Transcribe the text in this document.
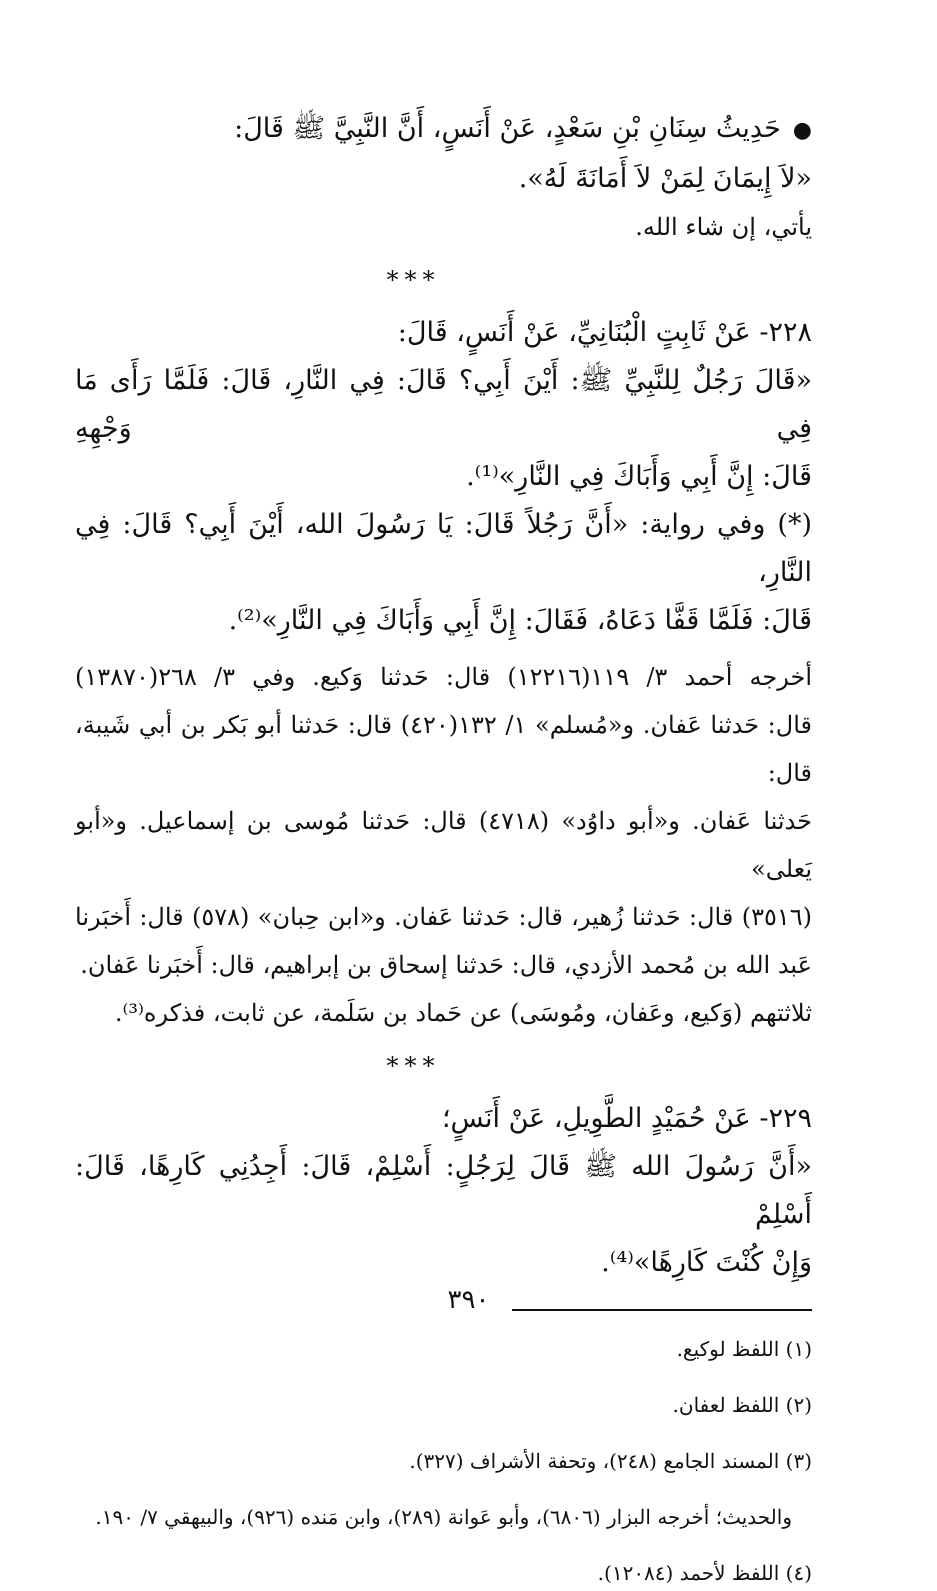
●
حَدِيثُ سِنَانِ بْنِ سَعْدٍ، عَنْ أَنَسٍ، أَنَّ النَّبِيَّ ﷺ قَالَ:

«لاَ إِيمَانَ لِمَنْ لاَ أَمَانَةَ لَهُ».

يأتي، إن شاء الله.

***

٢٢٨- عَنْ ثَابِتٍ الْبُنَانِيِّ، عَنْ أَنَسٍ، قَالَ:

«قَالَ رَجُلٌ لِلنَّبِيِّ ﷺ: أَيْنَ أَبِي؟ قَالَ: فِي النَّارِ، قَالَ: فَلَمَّا رَأَى مَا فِي وَجْهِهِ

قَالَ: إِنَّ أَبِي وَأَبَاكَ فِي النَّارِ»⁽¹⁾.

(*) وفي رواية: «أَنَّ رَجُلاً قَالَ: يَا رَسُولَ الله، أَيْنَ أَبِي؟ قَالَ: فِي النَّارِ،

قَالَ: فَلَمَّا قَفَّا دَعَاهُ، فَقَالَ: إِنَّ أَبِي وَأَبَاكَ فِي النَّارِ»⁽²⁾.

أخرجه أحمد ٣/ ١١٩(١٢٢١٦) قال: حَدثنا وَكيع. وفي ٣/ ٢٦٨(١٣٨٧٠)

قال: حَدثنا عَفان. و«مُسلم» ١/ ١٣٢(٤٢٠) قال: حَدثنا أبو بَكر بن أبي شَيبة، قال:

حَدثنا عَفان. و«أبو داوُد» (٤٧١٨) قال: حَدثنا مُوسى بن إسماعيل. و«أبو يَعلى»

(٣٥١٦) قال: حَدثنا زُهير، قال: حَدثنا عَفان. و«ابن حِبان» (٥٧٨) قال: أَخبَرنا

عَبد الله بن مُحمد الأزدي، قال: حَدثنا إسحاق بن إبراهيم، قال: أَخبَرنا عَفان.

ثلاثتهم (وَكيع، وعَفان، ومُوسَى) عن حَماد بن سَلَمة، عن ثابت، فذكره⁽³⁾.

***

٢٢٩- عَنْ حُمَيْدٍ الطَّوِيلِ، عَنْ أَنَسٍ؛

«أَنَّ رَسُولَ الله ﷺ قَالَ لِرَجُلٍ: أَسْلِمْ، قَالَ: أَجِدُنِي كَارِهًا، قَالَ: أَسْلِمْ

وَإِنْ كُنْتَ كَارِهًا»⁽⁴⁾.

(١) اللفظ لوكيع.

(٢) اللفظ لعفان.

(٣) المسند الجامع (٢٤٨)، وتحفة الأشراف (٣٢٧).

والحديث؛ أخرجه البزار (٦٨٠٦)، وأبو عَوانة (٢٨٩)، وابن مَنده (٩٢٦)، والبيهقي ٧/ ١٩٠.

(٤) اللفظ لأحمد (١٢٠٨٤).

٣٩٠
